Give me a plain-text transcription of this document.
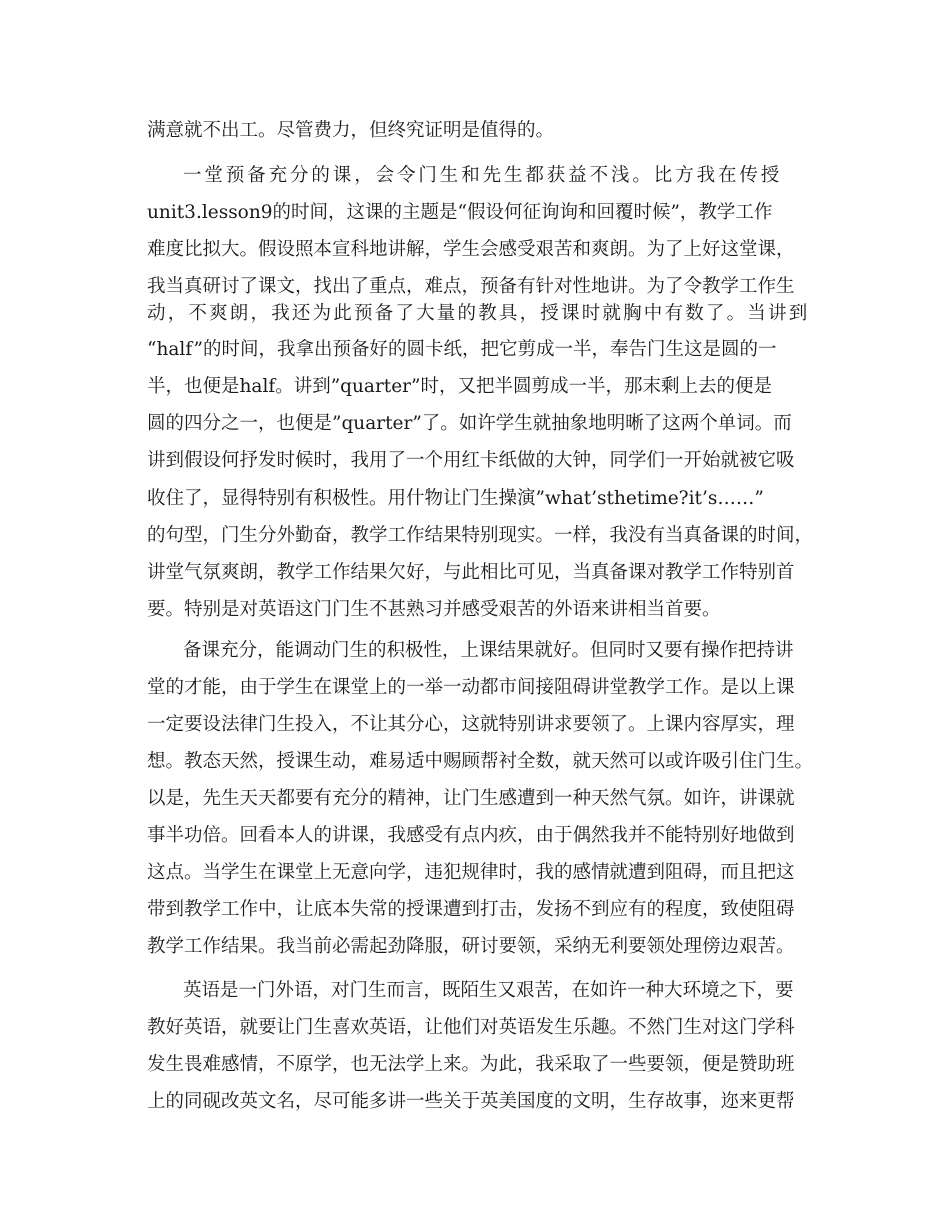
满意就不出工。尽管费力，但终究证明是值得的。
一堂预备充分的课，会令门生和先生都获益不浅。比方我在传授
unit3.lesson9的时间，这课的主题是“假设何征询询和回覆时候”，教学工作
难度比拟大。假设照本宣科地讲解，学生会感受艰苦和爽朗。为了上好这堂课，
我当真研讨了课文，找出了重点，难点，预备有针对性地讲。为了令教学工作生
动，不爽朗，我还为此预备了大量的教具，授课时就胸中有数了。当讲到
“half”的时间，我拿出预备好的圆卡纸，把它剪成一半，奉告门生这是圆的一
半，也便是half。讲到”quarter”时，又把半圆剪成一半，那末剩上去的便是
圆的四分之一，也便是”quarter”了。如许学生就抽象地明晰了这两个单词。而
讲到假设何抒发时候时，我用了一个用红卡纸做的大钟，同学们一开始就被它吸
收住了，显得特别有积极性。用什物让门生操演”what’sthetime?it’s……”
的句型，门生分外勤奋，教学工作结果特别现实。一样，我没有当真备课的时间，
讲堂气氛爽朗，教学工作结果欠好，与此相比可见，当真备课对教学工作特别首
要。特别是对英语这门门生不甚熟习并感受艰苦的外语来讲相当首要。
备课充分，能调动门生的积极性，上课结果就好。但同时又要有操作把持讲
堂的才能，由于学生在课堂上的一举一动都市间接阻碍讲堂教学工作。是以上课
一定要设法律门生投入，不让其分心，这就特别讲求要领了。上课内容厚实，理
想。教态天然，授课生动，难易适中赐顾帮衬全数，就天然可以或许吸引住门生。
以是，先生天天都要有充分的精神，让门生感遭到一种天然气氛。如许，讲课就
事半功倍。回看本人的讲课，我感受有点内疚，由于偶然我并不能特别好地做到
这点。当学生在课堂上无意向学，违犯规律时，我的感情就遭到阻碍，而且把这
带到教学工作中，让底本失常的授课遭到打击，发扬不到应有的程度，致使阻碍
教学工作结果。我当前必需起劲降服，研讨要领，采纳无利要领处理傍边艰苦。
英语是一门外语，对门生而言，既陌生又艰苦，在如许一种大环境之下，要
教好英语，就要让门生喜欢英语，让他们对英语发生乐趣。不然门生对这门学科
发生畏难感情，不原学，也无法学上来。为此，我采取了一些要领，便是赞助班
上的同砚改英文名，尽可能多讲一些关于英美国度的文明，生存故事，迩来更帮
